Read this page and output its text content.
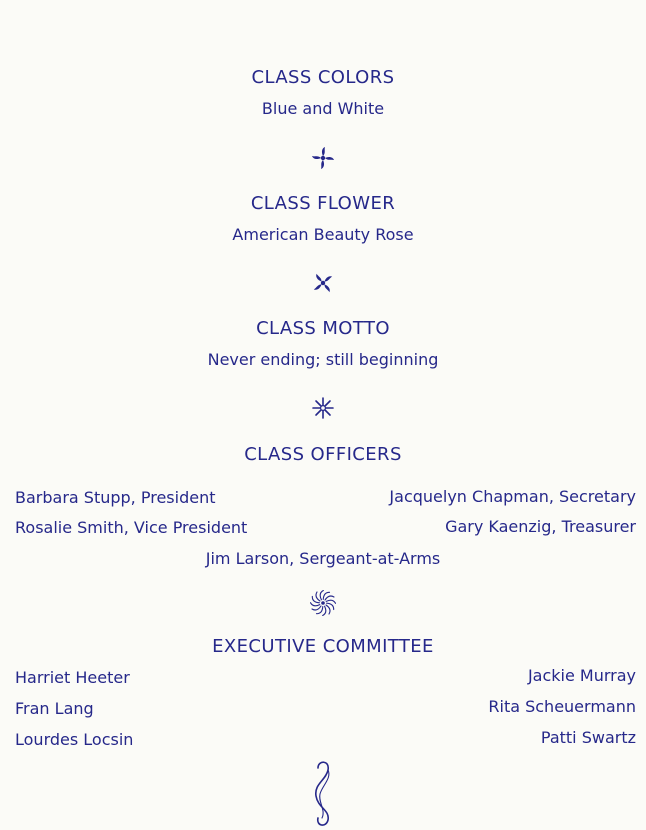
CLASS COLORS
Blue and White
CLASS FLOWER
American Beauty Rose
CLASS MOTTO
Never ending; still beginning
CLASS OFFICERS
Barbara Stupp, President
Rosalie Smith, Vice President
Jacquelyn Chapman, Secretary
Gary Kaenzig, Treasurer
Jim Larson, Sergeant-at-Arms
EXECUTIVE COMMITTEE
Harriet Heeter
Fran Lang
Lourdes Locsin
Jackie Murray
Rita Scheuermann
Patti Swartz
